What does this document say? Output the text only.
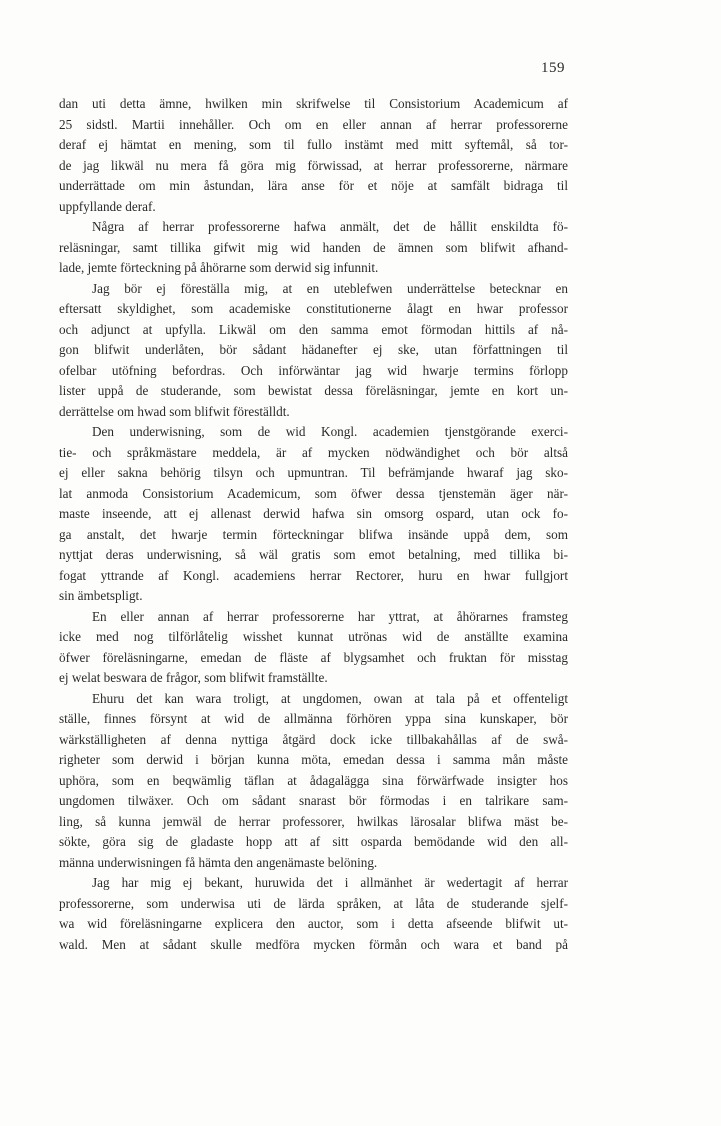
159
dan uti detta ämne, hwilken min skrifwelse til Consistorium Academicum af
25 sidstl. Martii innehåller. Och om en eller annan af herrar professorerne
deraf ej hämtat en mening, som til fullo instämt med mitt syftemål, så tor-
de jag likwäl nu mera få göra mig förwissad, at herrar professorerne, närmare
underrättade om min åstundan, lära anse för et nöje at samfält bidraga til
uppfyllande deraf.
Några af herrar professorerne hafwa anmält, det de hållit enskildta fö-
reläsningar, samt tillika gifwit mig wid handen de ämnen som blifwit afhand-
lade, jemte förteckning på åhörarne som derwid sig infunnit.
Jag bör ej föreställa mig, at en uteblefwen underrättelse betecknar en
eftersatt skyldighet, som academiske constitutionerne ålagt en hwar professor
och adjunct at upfylla. Likwäl om den samma emot förmodan hittils af nå-
gon blifwit underlåten, bör sådant hädanefter ej ske, utan författningen til
ofelbar utöfning befordras. Och införwäntar jag wid hwarje termins förlopp
lister uppå de studerande, som bewistat dessa föreläsningar, jemte en kort un-
derrättelse om hwad som blifwit föreställdt.
Den underwisning, som de wid Kongl. academien tjenstgörande exerci-
tie- och språkmästare meddela, är af mycken nödwändighet och bör altså
ej eller sakna behörig tilsyn och upmuntran. Til befrämjande hwaraf jag sko-
lat anmoda Consistorium Academicum, som öfwer dessa tjenstemän äger när-
maste inseende, att ej allenast derwid hafwa sin omsorg ospard, utan ock fo-
ga anstalt, det hwarje termin förteckningar blifwa insände uppå dem, som
nyttjat deras underwisning, så wäl gratis som emot betalning, med tillika bi-
fogat yttrande af Kongl. academiens herrar Rectorer, huru en hwar fullgjort
sin ämbetspligt.
En eller annan af herrar professorerne har yttrat, at åhörarnes framsteg
icke med nog tilförlåtelig wisshet kunnat utrönas wid de anställte examina
öfwer föreläsningarne, emedan de fläste af blygsamhet och fruktan för misstag
ej welat beswara de frågor, som blifwit framställte.
Ehuru det kan wara troligt, at ungdomen, owan at tala på et offenteligt
ställe, finnes försynt at wid de allmänna förhören yppa sina kunskaper, bör
wärkställigheten af denna nyttiga åtgärd dock icke tillbakahållas af de swå-
righeter som derwid i början kunna möta, emedan dessa i samma mån måste
uphöra, som en beqwämlig täflan at ådagalägga sina förwärfwade insigter hos
ungdomen tilwäxer. Och om sådant snarast bör förmodas i en talrikare sam-
ling, så kunna jemwäl de herrar professorer, hwilkas lärosalar blifwa mäst be-
sökte, göra sig de gladaste hopp att af sitt osparda bemödande wid den all-
männa underwisningen få hämta den angenämaste belöning.
Jag har mig ej bekant, huruwida det i allmänhet är wedertagit af herrar
professorerne, som underwisa uti de lärda språken, at låta de studerande sjelf-
wa wid föreläsningarne explicera den auctor, som i detta afseende blifwit ut-
wald. Men at sådant skulle medföra mycken förmån och wara et band på
